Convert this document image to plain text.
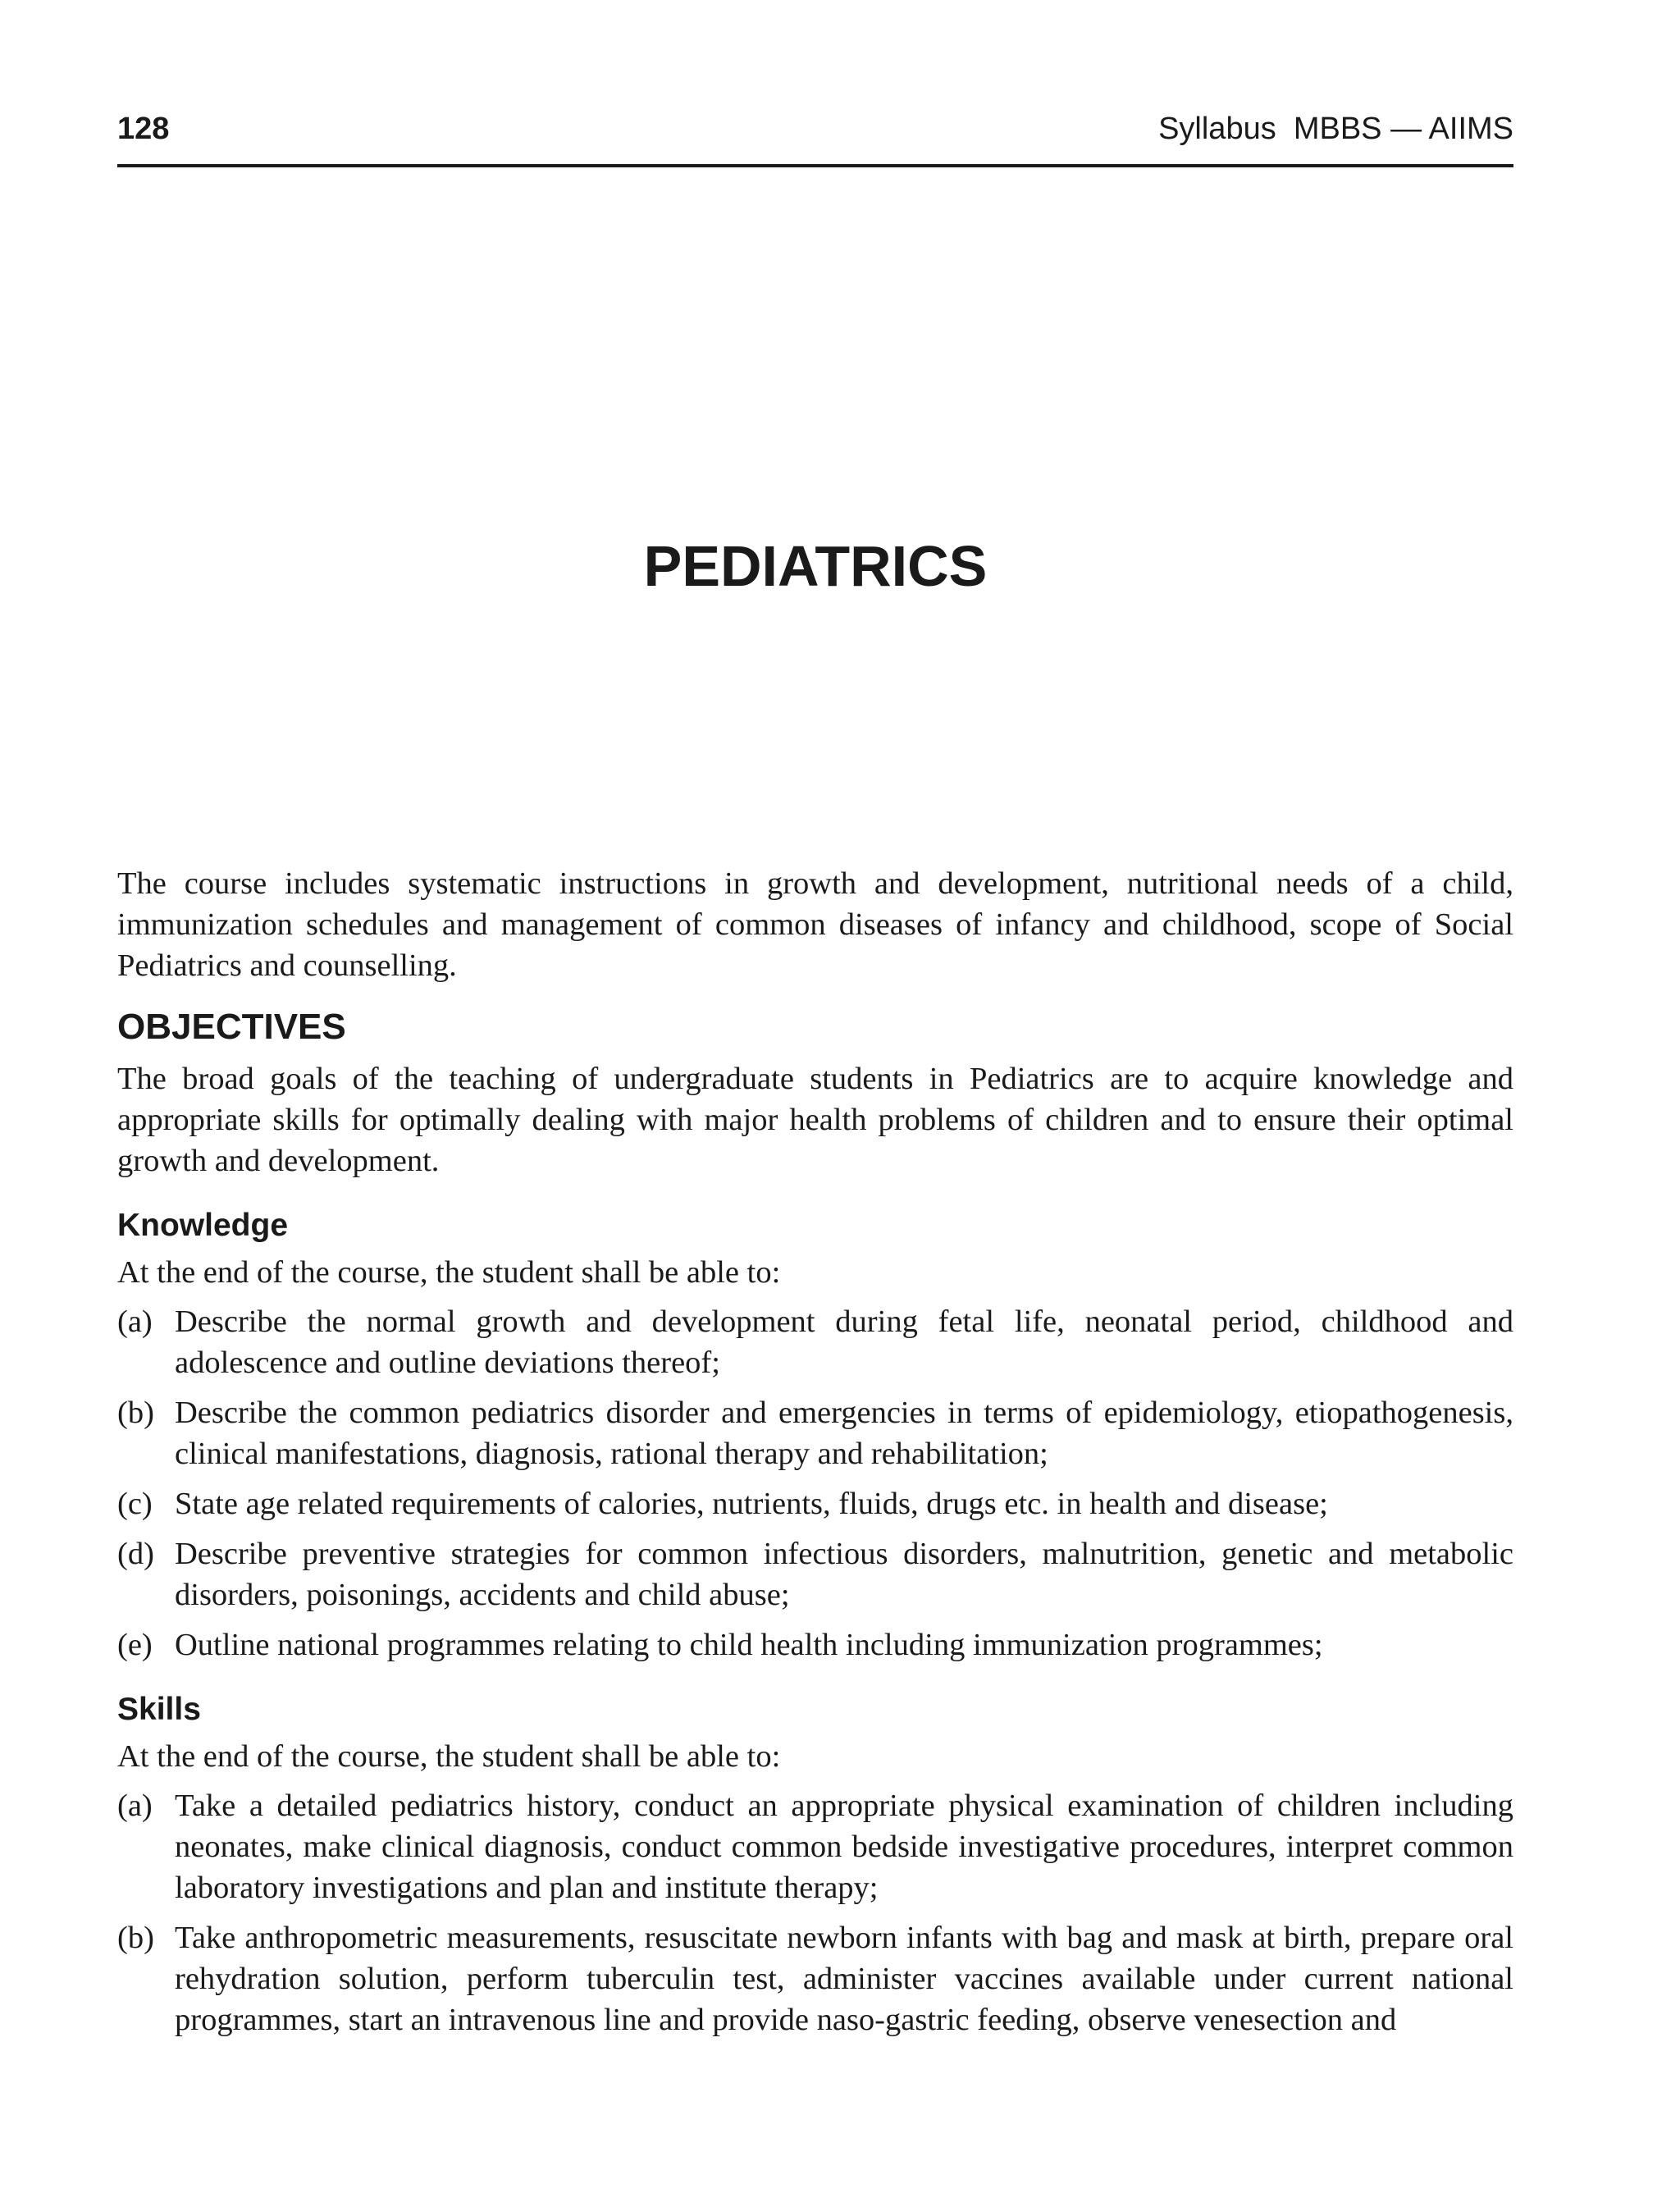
128	Syllabus  MBBS — AIIMS
PEDIATRICS

The course includes systematic instructions in growth and development, nutritional needs of a child, immunization schedules and management of common diseases of infancy and childhood, scope of Social Pediatrics and counselling.

OBJECTIVES

The broad goals of the teaching of undergraduate students in Pediatrics are to acquire knowledge and appropriate skills for optimally dealing with major health problems of children and to ensure their optimal growth and development.

Knowledge

At the end of the course, the student shall be able to:

(a) Describe the normal growth and development during fetal life, neonatal period, childhood and adolescence and outline deviations thereof;
(b) Describe the common pediatrics disorder and emergencies in terms of epidemiology, etiopathogenesis, clinical manifestations, diagnosis, rational therapy and rehabilitation;
(c) State age related requirements of calories, nutrients, fluids, drugs etc. in health and disease;
(d) Describe preventive strategies for common infectious disorders, malnutrition, genetic and metabolic disorders, poisonings, accidents and child abuse;
(e) Outline national programmes relating to child health including immunization programmes;
Skills

At the end of the course, the student shall be able to:

(a) Take a detailed pediatrics history, conduct an appropriate physical examination of children including neonates, make clinical diagnosis, conduct common bedside investigative procedures, interpret common laboratory investigations and plan and institute therapy;
(b) Take anthropometric measurements, resuscitate newborn infants with bag and mask at birth, prepare oral rehydration solution, perform tuberculin test, administer vaccines available under current national programmes, start an intravenous line and provide naso-gastric feeding, observe venesection and
